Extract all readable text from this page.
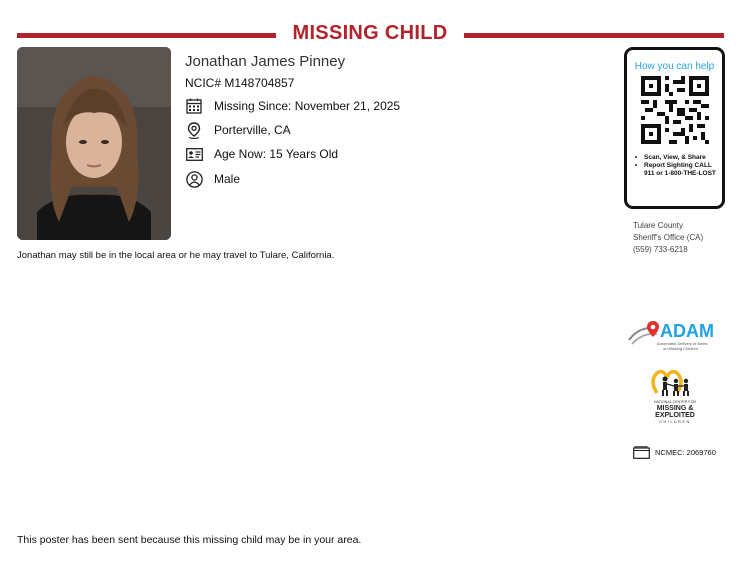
MISSING CHILD
Jonathan James Pinney
NCIC# M148704857
Missing Since: November 21, 2025
Porterville, CA
Age Now: 15 Years Old
Male
Jonathan may still be in the local area or he may travel to Tulare, California.
How you can help
•	Scan, View, & Share
•	Report Sighting CALL 911 or 1-800-THE-LOST
Tulare County
Sheriff's Office (CA)
(559) 733-6218
ADAM
Automated Delivery of Alerts
on Missing Children
NATIONAL CENTER FOR
MISSING &
EXPLOITED
CHILDREN
NCMEC: 2069760
This poster has been sent because this missing child may be in your area.
